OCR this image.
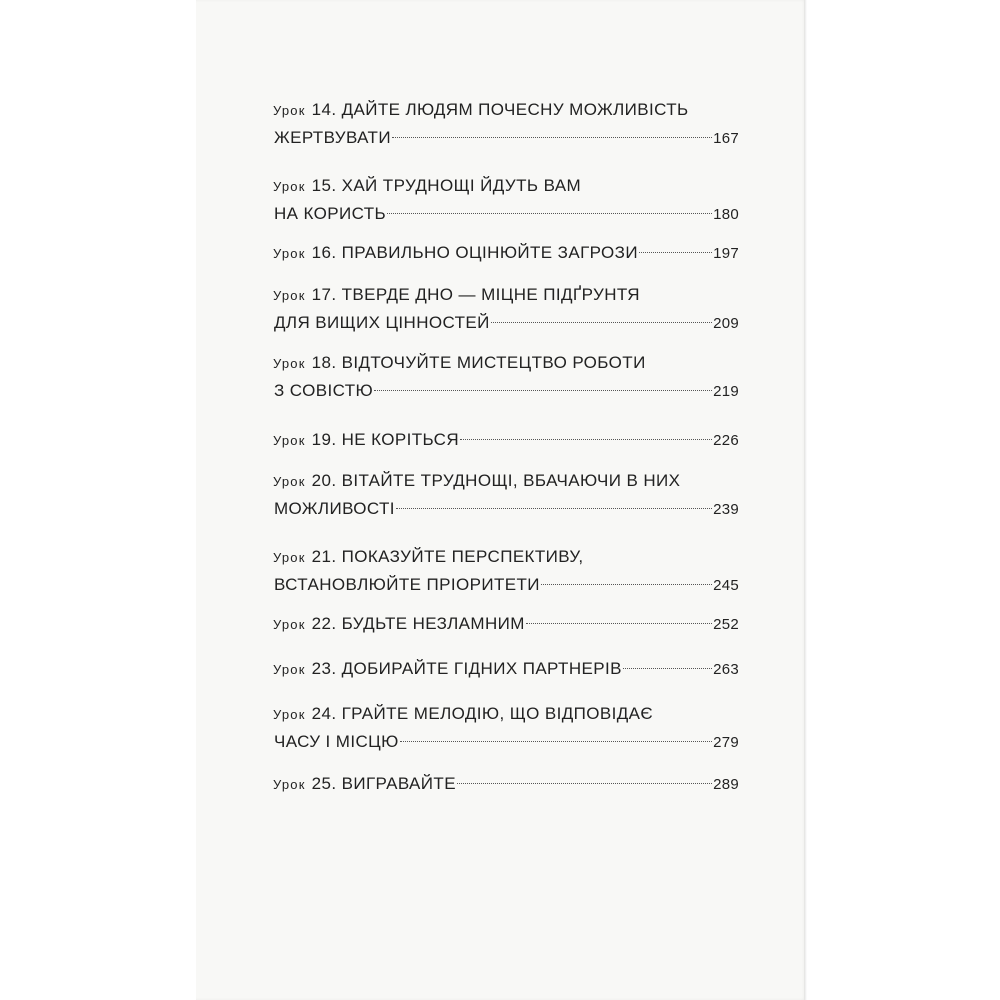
Урок 14. ДАЙТЕ ЛЮДЯМ ПОЧЕСНУ МОЖЛИВІСТЬ
ЖЕРТВУВАТИ	167
Урок 15. ХАЙ ТРУДНОЩІ ЙДУТЬ ВАМ
НА КОРИСТЬ	180
Урок 16. ПРАВИЛЬНО ОЦІНЮЙТЕ ЗАГРОЗИ	197
Урок 17. ТВЕРДЕ ДНО — МІЦНЕ ПІДҐРУНТЯ
ДЛЯ ВИЩИХ ЦІННОСТЕЙ	209
Урок 18. ВІДТОЧУЙТЕ МИСТЕЦТВО РОБОТИ
З СОВІСТЮ	219
Урок 19. НЕ КОРІТЬСЯ	226
Урок 20. ВІТАЙТЕ ТРУДНОЩІ, ВБАЧАЮЧИ В НИХ
МОЖЛИВОСТІ	239
Урок 21. ПОКАЗУЙТЕ ПЕРСПЕКТИВУ,
ВСТАНОВЛЮЙТЕ ПРІОРИТЕТИ	245
Урок 22. БУДЬТЕ НЕЗЛАМНИМ	252
Урок 23. ДОБИРАЙТЕ ГІДНИХ ПАРТНЕРІВ	263
Урок 24. ГРАЙТЕ МЕЛОДІЮ, ЩО ВІДПОВІДАЄ
ЧАСУ І МІСЦЮ	279
Урок 25. ВИГРАВАЙТЕ	289
